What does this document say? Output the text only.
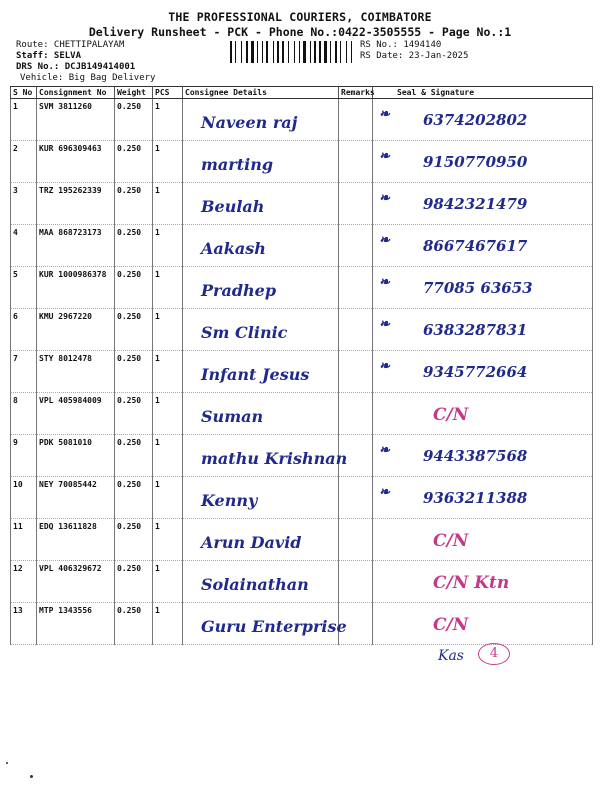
THE PROFESSIONAL COURIERS, COIMBATORE
Delivery Runsheet - PCK - Phone No.:0422-3505555 - Page No.:1
Route: CHETTIPALAYAM
Staff: SELVA
DRS No.: DCJB149414001
Vehicle: Big Bag Delivery
RS No.: 1494140
RS Date: 23-Jan-2025
S No	Consignment No	Weight	PCS	Consignee Details	Remarks	Seal & Signature
1	SVM 3811260	0.250	1	Naveen raj		❧ 6374202802

2	KUR 696309463	0.250	1	marting		❧ 9150770950

3	TRZ 195262339	0.250	1	Beulah		❧ 9842321479

4	MAA 868723173	0.250	1	Aakash		❧ 8667467617

5	KUR 1000986378	0.250	1	Pradhep		❧ 77085 63653

6	KMU 2967220	0.250	1	Sm Clinic		❧ 6383287831

7	STY 8012478	0.250	1	Infant Jesus		❧ 9345772664

8	VPL 405984009	0.250	1	Suman		C/N

9	PDK 5081010	0.250	1	mathu Krishnan		❧ 9443387568

10	NEY 70085442	0.250	1	Kenny		❧ 9363211388

11	EDQ 13611828	0.250	1	Arun David		C/N

12	VPL 406329672	0.250	1	Solainathan		C/N Ktn

13	MTP 1343556	0.250	1	Guru Enterprise		C/N
Kas	4
